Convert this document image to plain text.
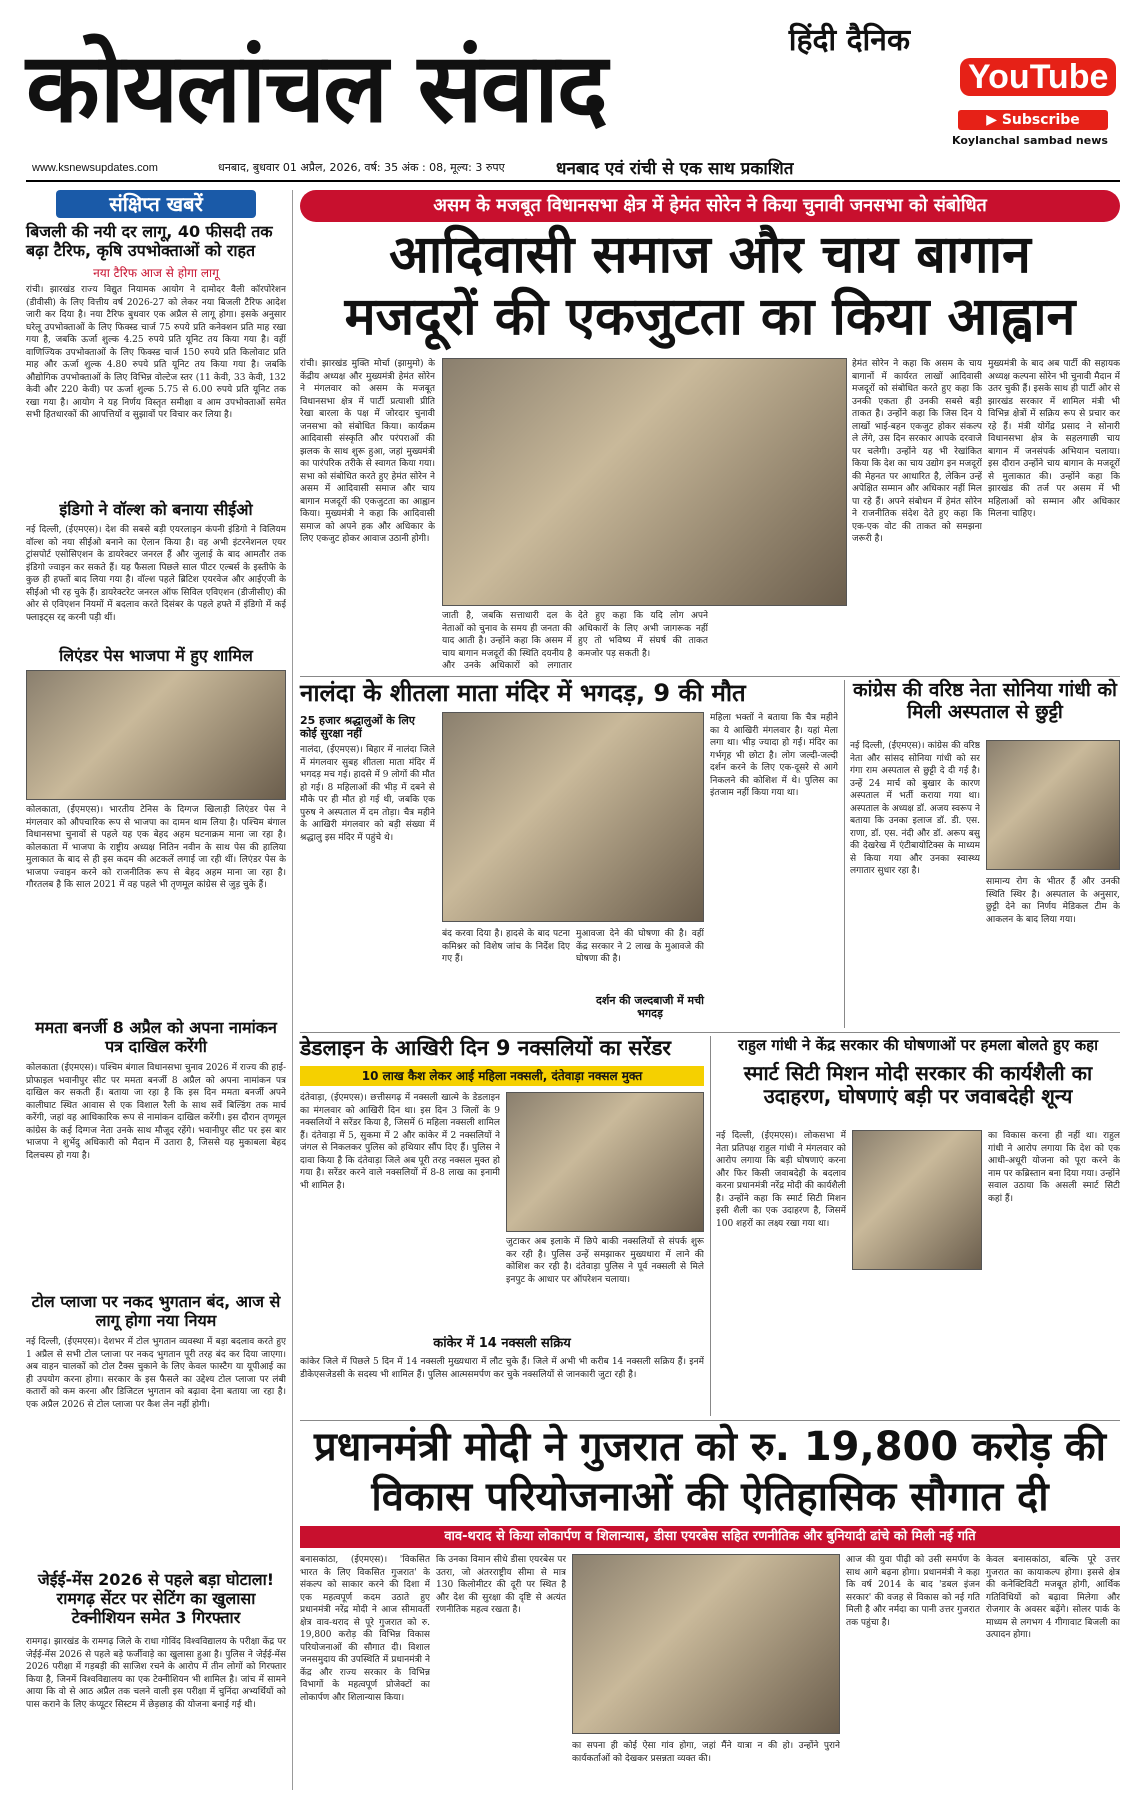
हिंदी दैनिक
कोयलांचल संवाद	YouTube
▶ Subscribe
Koylanchal sambad news
www.ksnewsupdates.com	धनबाद, बुधवार 01 अप्रैल, 2026, वर्ष: 35 अंक : 08, मूल्य: 3 रुपए	धनबाद एवं रांची से एक साथ प्रकाशित
संक्षिप्त खबरें
बिजली की नयी दर लागू, 40 फीसदी तक बढ़ा टैरिफ, कृषि उपभोक्ताओं को राहत
नया टैरिफ आज से होगा लागू
रांची। झारखंड राज्य विद्युत नियामक आयोग ने दामोदर वैली कॉरपोरेशन (डीवीसी) के लिए वित्तीय वर्ष 2026-27 को लेकर नया बिजली टैरिफ आदेश जारी कर दिया है। नया टैरिफ बुधवार एक अप्रैल से लागू होगा। इसके अनुसार घरेलू उपभोक्ताओं के लिए फिक्स्ड चार्ज 75 रुपये प्रति कनेक्शन प्रति माह रखा गया है, जबकि ऊर्जा शुल्क 4.25 रुपये प्रति यूनिट तय किया गया है। वहीं वाणिज्यिक उपभोक्ताओं के लिए फिक्स्ड चार्ज 150 रुपये प्रति किलोवाट प्रति माह और ऊर्जा शुल्क 4.80 रुपये प्रति यूनिट तय किया गया है। जबकि औद्योगिक उपभोक्ताओं के लिए विभिन्न वोल्टेज स्तर (11 केवी, 33 केवी, 132 केवी और 220 केवी) पर ऊर्जा शुल्क 5.75 से 6.00 रुपये प्रति यूनिट तक रखा गया है। आयोग ने यह निर्णय विस्तृत समीक्षा व आम उपभोक्ताओं समेत सभी हितधारकों की आपत्तियों व सुझावों पर विचार कर लिया है।
इंडिगो ने वॉल्श को बनाया सीईओ
नई दिल्ली, (ईएमएस)। देश की सबसे बड़ी एयरलाइन कंपनी इंडिगो ने विलियम वॉल्श को नया सीईओ बनाने का ऐलान किया है। वह अभी इंटरनेशनल एयर ट्रांसपोर्ट एसोसिएशन के डायरेक्टर जनरल हैं और जुलाई के बाद आमतौर तक इंडिगो ज्वाइन कर सकते हैं। यह फैसला पिछले साल पीटर एल्बर्स के इस्तीफे के कुछ ही हफ्तों बाद लिया गया है। वॉल्श पहले ब्रिटिश एयरवेज और आईएजी के सीईओ भी रह चुके हैं। डायरेक्टरेट जनरल ऑफ सिविल एविएशन (डीजीसीए) की ओर से एविएशन नियमों में बदलाव करते दिसंबर के पहले हफ्ते में इंडिगो में कई फ्लाइट्स रद्द करनी पड़ी थीं।
लिएंडर पेस भाजपा में हुए शामिल
कोलकाता, (ईएमएस)। भारतीय टेनिस के दिग्गज खिलाड़ी लिएंडर पेस ने मंगलवार को औपचारिक रूप से भाजपा का दामन थाम लिया है। पश्चिम बंगाल विधानसभा चुनावों से पहले यह एक बेहद अहम घटनाक्रम माना जा रहा है। कोलकाता में भाजपा के राष्ट्रीय अध्यक्ष नितिन नवीन के साथ पेस की हालिया मुलाकात के बाद से ही इस कदम की अटकलें लगाई जा रही थीं। लिएंडर पेस के भाजपा ज्वाइन करने को राजनीतिक रूप से बेहद अहम माना जा रहा है। गौरतलब है कि साल 2021 में वह पहले भी तृणमूल कांग्रेस से जुड़ चुके हैं।
ममता बनर्जी 8 अप्रैल को अपना नामांकन पत्र दाखिल करेंगी
कोलकाता (ईएमएस)। पश्चिम बंगाल विधानसभा चुनाव 2026 में राज्य की हाई-प्रोफाइल भवानीपुर सीट पर ममता बनर्जी 8 अप्रैल को अपना नामांकन पत्र दाखिल कर सकती हैं। बताया जा रहा है कि इस दिन ममता बनर्जी अपने कालीघाट स्थित आवास से एक विशाल रैली के साथ सर्वे बिल्डिंग तक मार्च करेंगी, जहां वह आधिकारिक रूप से नामांकन दाखिल करेंगी। इस दौरान तृणमूल कांग्रेस के कई दिग्गज नेता उनके साथ मौजूद रहेंगे। भवानीपुर सीट पर इस बार भाजपा ने शुभेंदु अधिकारी को मैदान में उतारा है, जिससे यह मुकाबला बेहद दिलचस्प हो गया है।
टोल प्लाजा पर नकद भुगतान बंद, आज से लागू होगा नया नियम
नई दिल्ली, (ईएमएस)। देशभर में टोल भुगतान व्यवस्था में बड़ा बदलाव करते हुए 1 अप्रैल से सभी टोल प्लाजा पर नकद भुगतान पूरी तरह बंद कर दिया जाएगा। अब वाहन चालकों को टोल टैक्स चुकाने के लिए केवल फास्टैग या यूपीआई का ही उपयोग करना होगा। सरकार के इस फैसले का उद्देश्य टोल प्लाजा पर लंबी कतारों को कम करना और डिजिटल भुगतान को बढ़ावा देना बताया जा रहा है। एक अप्रैल 2026 से टोल प्लाजा पर कैश लेन नहीं होगी।
जेईई-मेंस 2026 से पहले बड़ा घोटाला! रामगढ़ सेंटर पर सेटिंग का खुलासा टेक्नीशियन समेत 3 गिरफ्तार
रामगढ़। झारखंड के रामगढ़ जिले के राधा गोविंद विश्वविद्यालय के परीक्षा केंद्र पर जेईई-मेंस 2026 से पहले बड़े फर्जीवाड़े का खुलासा हुआ है। पुलिस ने जेईई-मेंस 2026 परीक्षा में गड़बड़ी की साजिश रचने के आरोप में तीन लोगों को गिरफ्तार किया है, जिनमें विश्वविद्यालय का एक टेक्नीशियन भी शामिल है। जांच में सामने आया कि वो से आठ अप्रैल तक चलने वाली इस परीक्षा में चुनिंदा अभ्यर्थियों को पास कराने के लिए कंप्यूटर सिस्टम में छेड़छाड़ की योजना बनाई गई थी।
असम के मजबूत विधानसभा क्षेत्र में हेमंत सोरेन ने किया चुनावी जनसभा को संबोधित
आदिवासी समाज और चाय बागान
मजदूरों की एकजुटता का किया आह्वान
रांची। झारखंड मुक्ति मोर्चा (झामुमो) के केंद्रीय अध्यक्ष और मुख्यमंत्री हेमंत सोरेन ने मंगलवार को असम के मजबूत विधानसभा क्षेत्र में पार्टी प्रत्याशी प्रीति रेखा बारला के पक्ष में जोरदार चुनावी जनसभा को संबोधित किया। कार्यक्रम आदिवासी संस्कृति और परंपराओं की झलक के साथ शुरू हुआ, जहां मुख्यमंत्री का पारंपरिक तरीके से स्वागत किया गया। सभा को संबोधित करते हुए हेमंत सोरेन ने असम में आदिवासी समाज और चाय बागान मजदूरों की एकजुटता का आह्वान किया। मुख्यमंत्री ने कहा कि आदिवासी समाज को अपने हक और अधिकार के लिए एकजुट होकर आवाज उठानी होगी।
जाती है, जबकि सत्ताधारी दल के नेताओं को चुनाव के समय ही जनता की याद आती है। उन्होंने कहा कि असम में चाय बागान मजदूरों की स्थिति दयनीय है और उनके अधिकारों को लगातार
देते हुए कहा कि यदि लोग अपने अधिकारों के लिए अभी जागरूक नहीं हुए तो भविष्य में संघर्ष की ताकत कमजोर पड़ सकती है।
हेमंत सोरेन ने कहा कि असम के चाय बागानों में कार्यरत लाखों आदिवासी मजदूरों को संबोधित करते हुए कहा कि उनकी एकता ही उनकी सबसे बड़ी ताकत है। उन्होंने कहा कि जिस दिन ये लाखों भाई-बहन एकजुट होकर संकल्प ले लेंगे, उस दिन सरकार आपके दरवाजे पर चलेगी। उन्होंने यह भी रेखांकित किया कि देश का चाय उद्योग इन मजदूरों की मेहनत पर आधारित है, लेकिन उन्हें अपेक्षित सम्मान और अधिकार नहीं मिल पा रहे हैं। अपने संबोधन में हेमंत सोरेन ने राजनीतिक संदेश देते हुए कहा कि एक-एक वोट की ताकत को समझना जरूरी है।
मुख्यमंत्री के बाद अब पार्टी की सहायक अध्यक्ष कल्पना सोरेन भी चुनावी मैदान में उतर चुकी हैं। इसके साथ ही पार्टी ओर से झारखंड सरकार में शामिल मंत्री भी विभिन्न क्षेत्रों में सक्रिय रूप से प्रचार कर रहे हैं। मंत्री योगेंद्र प्रसाद ने सोनारी विधानसभा क्षेत्र के सहलगाछी चाय बागान में जनसंपर्क अभियान चलाया। इस दौरान उन्होंने चाय बागान के मजदूरों से मुलाकात की। उन्होंने कहा कि झारखंड की तर्ज पर असम में भी महिलाओं को सम्मान और अधिकार मिलना चाहिए।
नालंदा के शीतला माता मंदिर में भगदड़, 9 की मौत
25 हजार श्रद्धालुओं के लिए कोई सुरक्षा नहीं
नालंदा, (ईएमएस)। बिहार में नालंदा जिले में मंगलवार सुबह शीतला माता मंदिर में भगदड़ मच गई। हादसे में 9 लोगों की मौत हो गई। 8 महिलाओं की भीड़ में दबने से मौके पर ही मौत हो गई थी, जबकि एक पुरुष ने अस्पताल में दम तोड़ा। चैत्र महीने के आखिरी मंगलवार को बड़ी संख्या में श्रद्धालु इस मंदिर में पहुंचे थे।
बंद करवा दिया है। हादसे के बाद पटना कमिश्नर को विशेष जांच के निर्देश दिए गए हैं।
मुआवजा देने की घोषणा की है। वहीं केंद्र सरकार ने 2 लाख के मुआवजे की घोषणा की है।
दर्शन की जल्दबाजी में मची भगदड़
महिला भक्तों ने बताया कि चैत्र महीने का ये आखिरी मंगलवार है। यहां मेला लगा था। भीड़ ज्यादा हो गई। मंदिर का गर्भगृह भी छोटा है। लोग जल्दी-जल्दी दर्शन करने के लिए एक-दूसरे से आगे निकलने की कोशिश में थे। पुलिस का इंतजाम नहीं किया गया था।
कांग्रेस की वरिष्ठ नेता सोनिया गांधी को मिली अस्पताल से छुट्टी
नई दिल्ली, (ईएमएस)। कांग्रेस की वरिष्ठ नेता और सांसद सोनिया गांधी को सर गंगा राम अस्पताल से छुट्टी दे दी गई है। उन्हें 24 मार्च को बुखार के कारण अस्पताल में भर्ती कराया गया था। अस्पताल के अध्यक्ष डॉ. अजय स्वरूप ने बताया कि उनका इलाज डॉ. डी. एस. राणा, डॉ. एस. नंदी और डॉ. अरूप बसु की देखरेख में एंटीबायोटिक्स के माध्यम से किया गया और उनका स्वास्थ्य लगातार सुधार रहा है।
सामान्य रोग के भीतर हैं और उनकी स्थिति स्थिर है। अस्पताल के अनुसार, छुट्टी देने का निर्णय मेडिकल टीम के आकलन के बाद लिया गया।
डेडलाइन के आखिरी दिन 9 नक्सलियों का सरेंडर
10 लाख कैश लेकर आई महिला नक्सली, दंतेवाड़ा नक्सल मुक्त
दंतेवाड़ा, (ईएमएस)। छत्तीसगढ़ में नक्सली खात्मे के डेडलाइन का मंगलवार को आखिरी दिन था। इस दिन 3 जिलों के 9 नक्सलियों ने सरेंडर किया है, जिसमें 6 महिला नक्सली शामिल हैं। दंतेवाड़ा में 5, सुकमा में 2 और कांकेर में 2 नक्सलियों ने जंगल से निकलकर पुलिस को हथियार सौंप दिए हैं। पुलिस ने दावा किया है कि दंतेवाड़ा जिले अब पूरी तरह नक्सल मुक्त हो गया है। सरेंडर करने वाले नक्सलियों में 8-8 लाख का इनामी भी शामिल है।
जुटाकर अब इलाके में छिपे बाकी नक्सलियों से संपर्क शुरू कर रही है। पुलिस उन्हें समझाकर मुख्यधारा में लाने की कोशिश कर रही है। दंतेवाड़ा पुलिस ने पूर्व नक्सली से मिले इनपुट के आधार पर ऑपरेशन चलाया।
कांकेर में 14 नक्सली सक्रिय
कांकेर जिले में पिछले 5 दिन में 14 नक्सली मुख्यधारा में लौट चुके हैं। जिले में अभी भी करीब 14 नक्सली सक्रिय हैं। इनमें डीकेएसजेडसी के सदस्य भी शामिल हैं। पुलिस आत्मसमर्पण कर चुके नक्सलियों से जानकारी जुटा रही है।
राहुल गांधी ने केंद्र सरकार की घोषणाओं पर हमला बोलते हुए कहा
स्मार्ट सिटी मिशन मोदी सरकार की कार्यशैली का उदाहरण, घोषणाएं बड़ी पर जवाबदेही शून्य
नई दिल्ली, (ईएमएस)। लोकसभा में नेता प्रतिपक्ष राहुल गांधी ने मंगलवार को आरोप लगाया कि बड़ी घोषणाएं करना और फिर किसी जवाबदेही के बदलाव करना प्रधानमंत्री नरेंद्र मोदी की कार्यशैली है। उन्होंने कहा कि स्मार्ट सिटी मिशन इसी शैली का एक उदाहरण है, जिसमें 100 शहरों का लक्ष्य रखा गया था।
का विकास करना ही नहीं था। राहुल गांधी ने आरोप लगाया कि देश को एक आधी-अधूरी योजना को पूरा करने के नाम पर कब्रिस्तान बना दिया गया। उन्होंने सवाल उठाया कि असली स्मार्ट सिटी कहां हैं।
प्रधानमंत्री मोदी ने गुजरात को रु. 19,800 करोड़ की
विकास परियोजनाओं की ऐतिहासिक सौगात दी
वाव-थराद से किया लोकार्पण व शिलान्यास, डीसा एयरबेस सहित रणनीतिक और बुनियादी ढांचे को मिली नई गति
बनासकांठा, (ईएमएस)। 'विकसित भारत के लिए विकसित गुजरात' के संकल्प को साकार करने की दिशा में एक महत्वपूर्ण कदम उठाते हुए प्रधानमंत्री नरेंद्र मोदी ने आज सीमावर्ती क्षेत्र वाव-थराद से पूरे गुजरात को रु. 19,800 करोड़ की विभिन्न विकास परियोजनाओं की सौगात दी। विशाल जनसमुदाय की उपस्थिति में प्रधानमंत्री ने केंद्र और राज्य सरकार के विभिन्न विभागों के महत्वपूर्ण प्रोजेक्टों का लोकार्पण और शिलान्यास किया।
कि उनका विमान सीधे डीसा एयरबेस पर उतरा, जो अंतरराष्ट्रीय सीमा से मात्र 130 किलोमीटर की दूरी पर स्थित है और देश की सुरक्षा की दृष्टि से अत्यंत रणनीतिक महत्व रखता है।
का सपना ही कोई ऐसा गांव होगा, जहां मैंने यात्रा न की हो। उन्होंने पुराने कार्यकर्ताओं को देखकर प्रसन्नता व्यक्त की।
आज की युवा पीढ़ी को उसी समर्पण के साथ आगे बढ़ना होगा। प्रधानमंत्री ने कहा कि वर्ष 2014 के बाद 'डबल इंजन सरकार' की वजह से विकास को नई गति मिली है और नर्मदा का पानी उत्तर गुजरात तक पहुंचा है।
केवल बनासकांठा, बल्कि पूरे उत्तर गुजरात का कायाकल्प होगा। इससे क्षेत्र की कनेक्टिविटी मजबूत होगी, आर्थिक गतिविधियों को बढ़ावा मिलेगा और रोजगार के अवसर बढ़ेंगे। सोलर पार्क के माध्यम से लगभग 4 गीगावाट बिजली का उत्पादन होगा।
